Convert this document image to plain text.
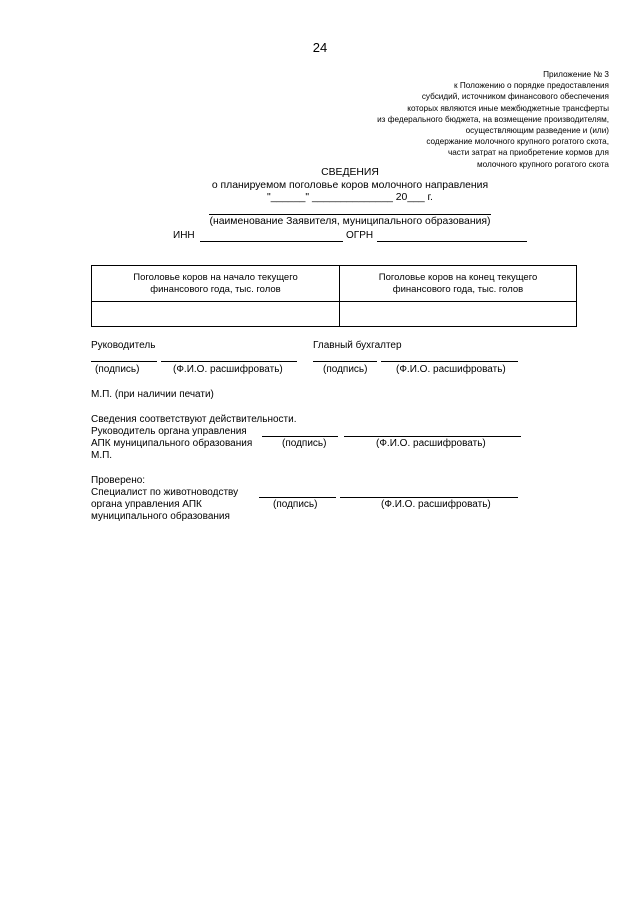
24
Приложение № 3
к Положению о порядке предоставления
субсидий, источником финансового обеспечения
которых являются иные межбюджетные трансферты
из федерального бюджета, на возмещение производителям,
осуществляющим разведение и (или)
содержание молочного крупного рогатого скота,
части затрат на приобретение кормов для
молочного крупного рогатого скота
СВЕДЕНИЯ
о планируемом поголовье коров молочного направления
"______" ______________ 20___ г.
(наименование Заявителя, муниципального образования)
ИНН	ОГРН
Поголовье коров на начало текущего финансового года, тыс. голов	Поголовье коров на конец текущего финансового года, тыс. голов

Руководитель	Главный бухгалтер
(подпись)	(Ф.И.О. расшифровать)	(подпись)	(Ф.И.О. расшифровать)
М.П. (при наличии печати)
Сведения соответствуют действительности.
Руководитель органа управления
АПК муниципального образования	(подпись)	(Ф.И.О. расшифровать)
М.П.
Проверено:
Специалист по животноводству
органа управления АПК	(подпись)	(Ф.И.О. расшифровать)
муниципального образования
